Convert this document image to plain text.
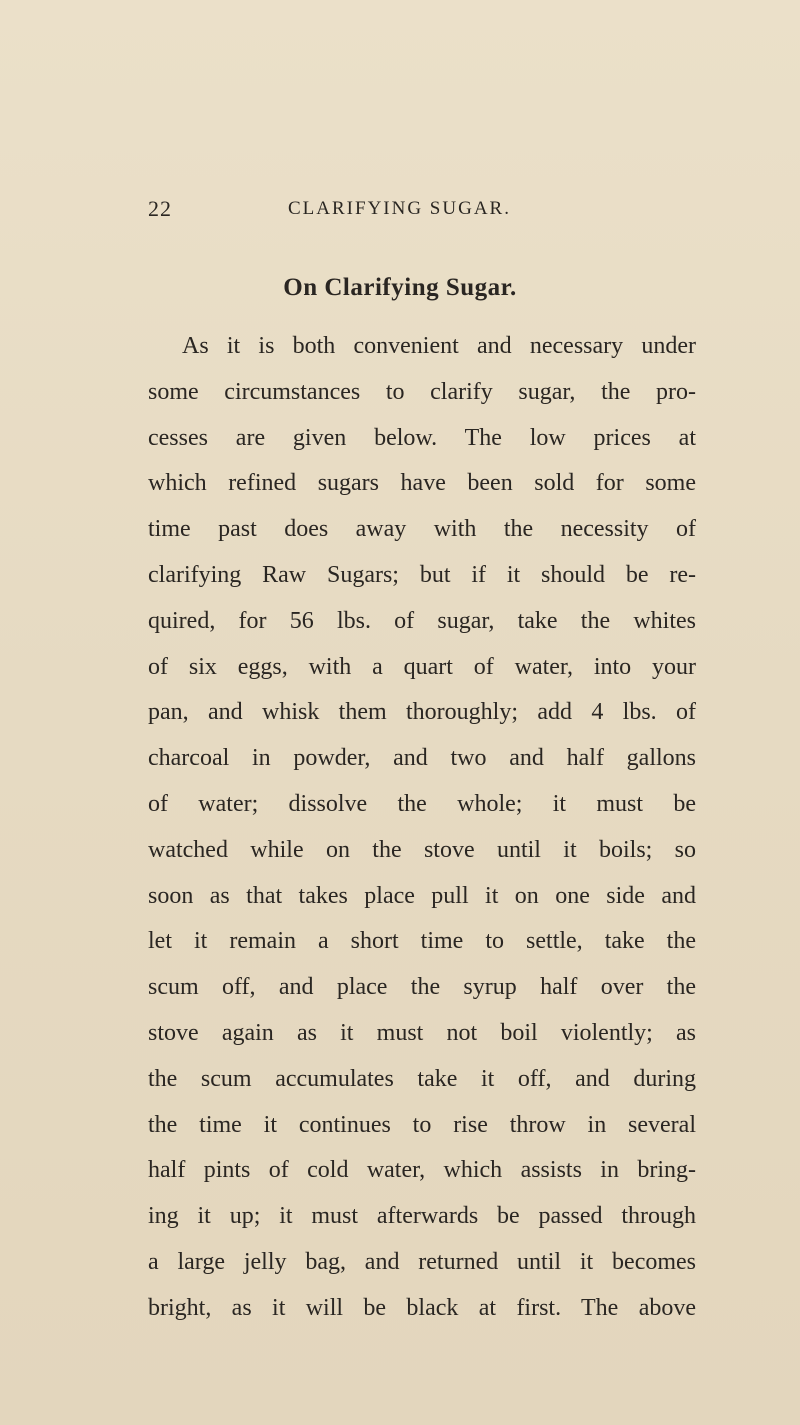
22	CLARIFYING SUGAR.
On Clarifying Sugar.
As it is both convenient and necessary under
some circumstances to clarify sugar, the pro-
cesses are given below. The low prices at
which refined sugars have been sold for some
time past does away with the necessity of
clarifying Raw Sugars; but if it should be re-
quired, for 56 lbs. of sugar, take the whites
of six eggs, with a quart of water, into your
pan, and whisk them thoroughly; add 4 lbs. of
charcoal in powder, and two and half gallons
of water; dissolve the whole; it must be
watched while on the stove until it boils; so
soon as that takes place pull it on one side and
let it remain a short time to settle, take the
scum off, and place the syrup half over the
stove again as it must not boil violently; as
the scum accumulates take it off, and during
the time it continues to rise throw in several
half pints of cold water, which assists in bring-
ing it up; it must afterwards be passed through
a large jelly bag, and returned until it becomes
bright, as it will be black at first. The above
